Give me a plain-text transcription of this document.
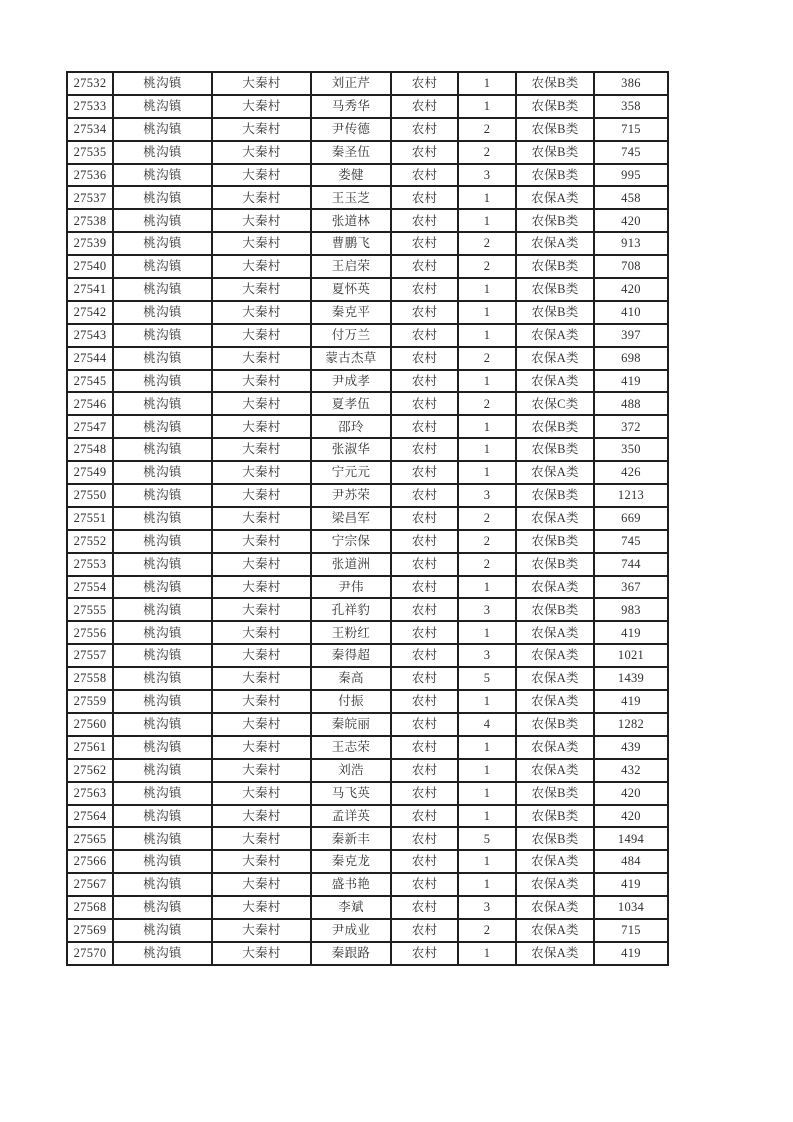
27532	桃沟镇	大秦村	刘正芹	农村	1	农保B类	386
27533	桃沟镇	大秦村	马秀华	农村	1	农保B类	358
27534	桃沟镇	大秦村	尹传德	农村	2	农保B类	715
27535	桃沟镇	大秦村	秦圣伍	农村	2	农保B类	745
27536	桃沟镇	大秦村	娄健	农村	3	农保B类	995
27537	桃沟镇	大秦村	王玉芝	农村	1	农保A类	458
27538	桃沟镇	大秦村	张道林	农村	1	农保B类	420
27539	桃沟镇	大秦村	曹鹏飞	农村	2	农保A类	913
27540	桃沟镇	大秦村	王启荣	农村	2	农保B类	708
27541	桃沟镇	大秦村	夏怀英	农村	1	农保B类	420
27542	桃沟镇	大秦村	秦克平	农村	1	农保B类	410
27543	桃沟镇	大秦村	付万兰	农村	1	农保A类	397
27544	桃沟镇	大秦村	蒙古杰草	农村	2	农保A类	698
27545	桃沟镇	大秦村	尹成孝	农村	1	农保A类	419
27546	桃沟镇	大秦村	夏孝伍	农村	2	农保C类	488
27547	桃沟镇	大秦村	邵玲	农村	1	农保B类	372
27548	桃沟镇	大秦村	张淑华	农村	1	农保B类	350
27549	桃沟镇	大秦村	宁元元	农村	1	农保A类	426
27550	桃沟镇	大秦村	尹苏荣	农村	3	农保B类	1213
27551	桃沟镇	大秦村	梁昌军	农村	2	农保A类	669
27552	桃沟镇	大秦村	宁宗保	农村	2	农保B类	745
27553	桃沟镇	大秦村	张道洲	农村	2	农保B类	744
27554	桃沟镇	大秦村	尹伟	农村	1	农保A类	367
27555	桃沟镇	大秦村	孔祥豹	农村	3	农保B类	983
27556	桃沟镇	大秦村	王粉红	农村	1	农保A类	419
27557	桃沟镇	大秦村	秦得超	农村	3	农保A类	1021
27558	桃沟镇	大秦村	秦高	农村	5	农保A类	1439
27559	桃沟镇	大秦村	付振	农村	1	农保A类	419
27560	桃沟镇	大秦村	秦皖丽	农村	4	农保B类	1282
27561	桃沟镇	大秦村	王志荣	农村	1	农保A类	439
27562	桃沟镇	大秦村	刘浩	农村	1	农保A类	432
27563	桃沟镇	大秦村	马飞英	农村	1	农保B类	420
27564	桃沟镇	大秦村	孟详英	农村	1	农保B类	420
27565	桃沟镇	大秦村	秦新丰	农村	5	农保B类	1494
27566	桃沟镇	大秦村	秦克龙	农村	1	农保A类	484
27567	桃沟镇	大秦村	盛书艳	农村	1	农保A类	419
27568	桃沟镇	大秦村	李斌	农村	3	农保A类	1034
27569	桃沟镇	大秦村	尹成业	农村	2	农保A类	715
27570	桃沟镇	大秦村	秦跟路	农村	1	农保A类	419
